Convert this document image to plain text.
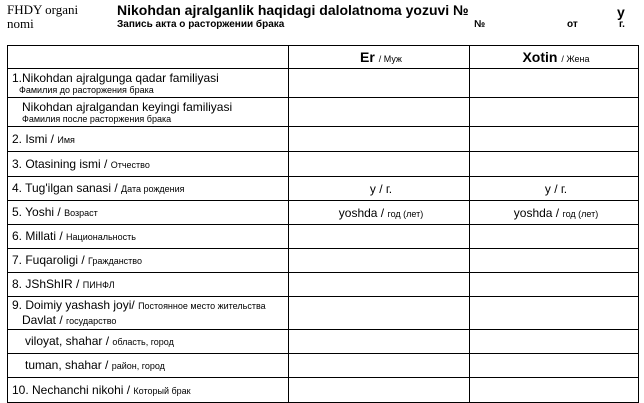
FHDY organi
nomi
Nikohdan ajralganlik haqidagi dalolatnoma yozuvi №	y
Запись акта о расторжении брака	№	от	г.
	Er / Муж	Xotin / Жена

1.Nikohdan ajralgunga qadar familiyasi
Фамилия до расторжения брака		

Nikohdan ajralgandan keyingi familiyasi
Фамилия после расторжения брака		

2. Ismi / Имя		
3. Otasining ismi / Отчество		
4. Tug'ilgan sanasi / Дата рождения	y / г.	y / г.
5. Yoshi / Возраст	yoshda / год (лет)	yoshda / год (лет)
6. Millati / Национальность		
7. Fuqaroligi / Гражданство		
8. JShShIR / ПИНФЛ		

9. Doimiy yashash joyi/ Постоянное место жительства
Davlat / государство		

viloyat, shahar / область, город		
tuman, shahar / район, город		
10. Nechanchi nikohi / Который брак		
